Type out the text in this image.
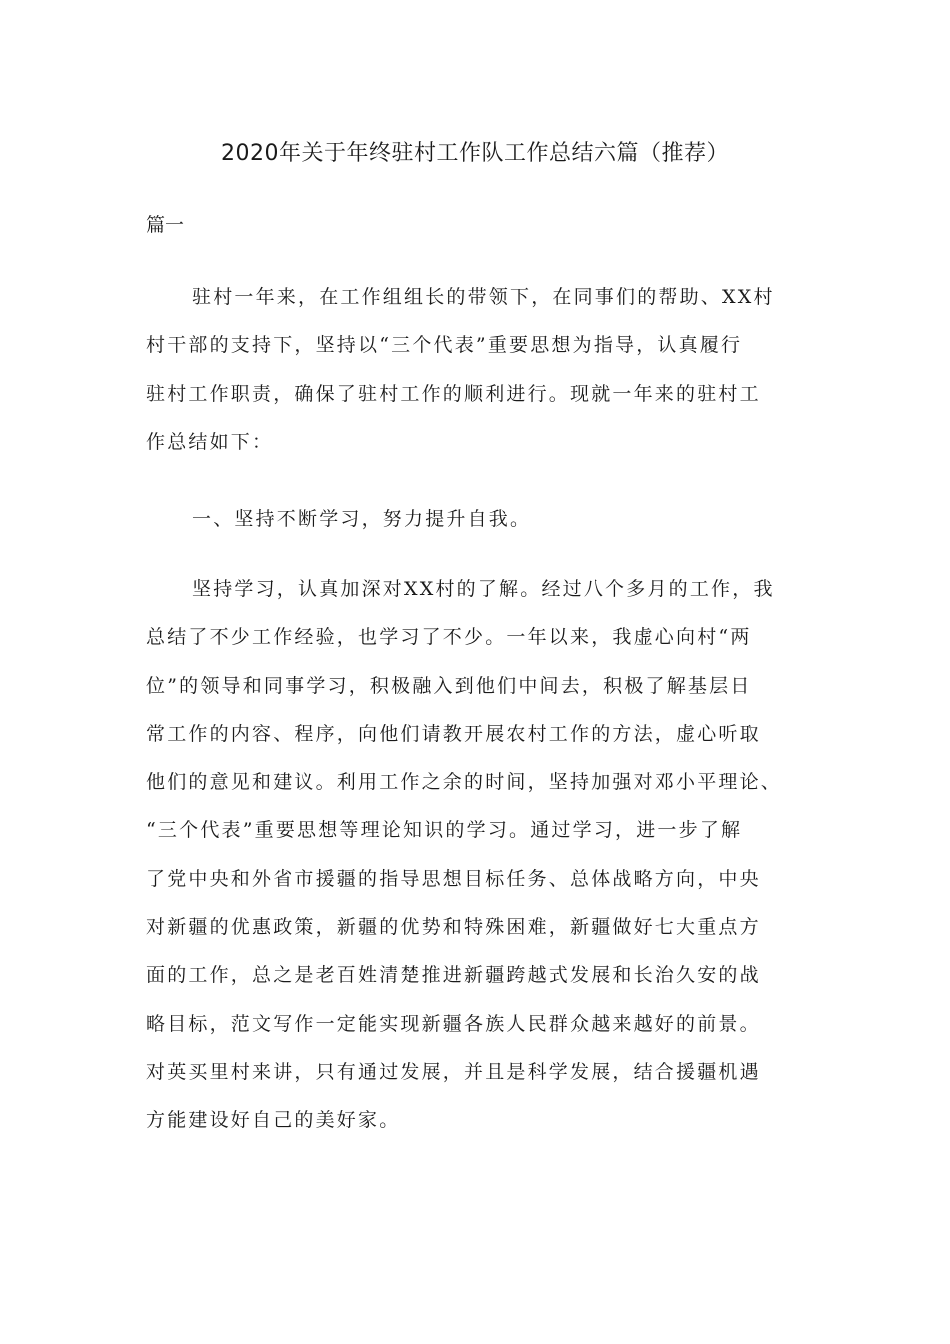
2020年关于年终驻村工作队工作总结六篇（推荐）

篇一

驻村一年来，在工作组组长的带领下，在同事们的帮助、XX村
村干部的支持下，坚持以“三个代表”重要思想为指导，认真履行
驻村工作职责，确保了驻村工作的顺利进行。现就一年来的驻村工
作总结如下：
一、坚持不断学习，努力提升自我。
坚持学习，认真加深对XX村的了解。经过八个多月的工作，我
总结了不少工作经验，也学习了不少。一年以来，我虚心向村“两
位”的领导和同事学习，积极融入到他们中间去，积极了解基层日
常工作的内容、程序，向他们请教开展农村工作的方法，虚心听取
他们的意见和建议。利用工作之余的时间，坚持加强对邓小平理论、
“三个代表”重要思想等理论知识的学习。通过学习，进一步了解
了党中央和外省市援疆的指导思想目标任务、总体战略方向，中央
对新疆的优惠政策，新疆的优势和特殊困难，新疆做好七大重点方
面的工作，总之是老百姓清楚推进新疆跨越式发展和长治久安的战
略目标，范文写作一定能实现新疆各族人民群众越来越好的前景。
对英买里村来讲，只有通过发展，并且是科学发展，结合援疆机遇
方能建设好自己的美好家。
